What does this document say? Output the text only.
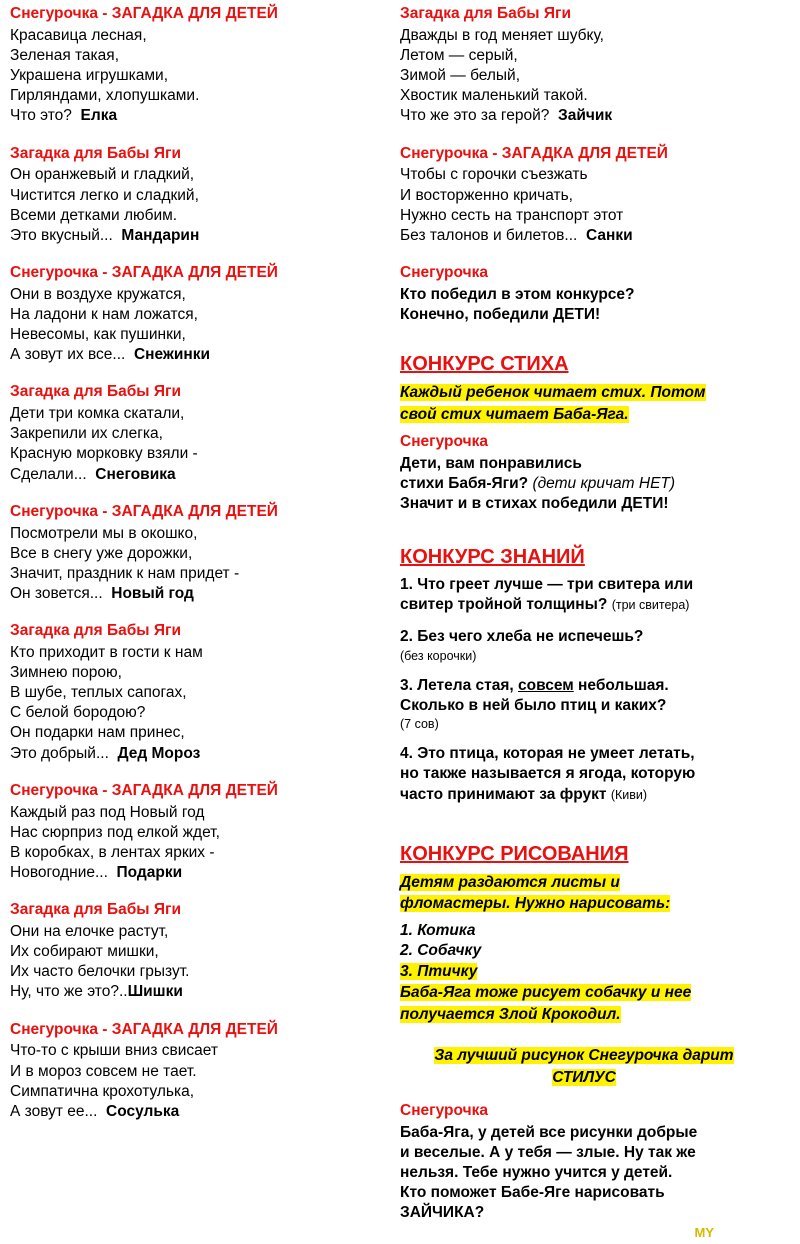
Снегурочка - ЗАГАДКА ДЛЯ ДЕТЕЙ
Красавица лесная,
Зеленая такая,
Украшена игрушками,
Гирляндами, хлопушками.
Что это? Елка
Загадка для Бабы Яги
Он оранжевый и гладкий,
Чистится легко и сладкий,
Всеми детками любим.
Это вкусный... Мандарин
Снегурочка - ЗАГАДКА ДЛЯ ДЕТЕЙ
Они в воздухе кружатся,
На ладони к нам ложатся,
Невесомы, как пушинки,
А зовут их все... Снежинки
Загадка для Бабы Яги
Дети три комка скатали,
Закрепили их слегка,
Красную морковку взяли -
Сделали... Снеговика
Снегурочка - ЗАГАДКА ДЛЯ ДЕТЕЙ
Посмотрели мы в окошко,
Все в снегу уже дорожки,
Значит, праздник к нам придет -
Он зовется... Новый год
Загадка для Бабы Яги
Кто приходит в гости к нам
Зимнею порою,
В шубе, теплых сапогах,
С белой бородою?
Он подарки нам принес,
Это добрый... Дед Мороз
Снегурочка - ЗАГАДКА ДЛЯ ДЕТЕЙ
Каждый раз под Новый год
Нас сюрприз под елкой ждет,
В коробках, в лентах ярких -
Новогодние... Подарки
Загадка для Бабы Яги
Они на елочке растут,
Их собирают мишки,
Их часто белочки грызут.
Ну, что же это?..Шишки
Снегурочка - ЗАГАДКА ДЛЯ ДЕТЕЙ
Что-то с крыши вниз свисает
И в мороз совсем не тает.
Симпатична крохотулька,
А зовут ее... Сосулька
Загадка для Бабы Яги
Дважды в год меняет шубку,
Летом — серый,
Зимой — белый,
Хвостик маленький такой.
Что же это за герой? Зайчик
Снегурочка - ЗАГАДКА ДЛЯ ДЕТЕЙ
Чтобы с горочки съезжать
И восторженно кричать,
Нужно сесть на транспорт этот
Без талонов и билетов... Санки
Снегурочка
Кто победил в этом конкурсе?
Конечно, победили ДЕТИ!
КОНКУРС СТИХА
Каждый ребенок читает стих. Потом
свой стих читает Баба-Яга.
Снегурочка
Дети, вам понравились
стихи Бабя-Яги? (дети кричат НЕТ)
Значит и в стихах победили ДЕТИ!
КОНКУРС ЗНАНИЙ
1. Что греет лучше — три свитера или
свитер тройной толщины? (три свитера)
2. Без чего хлеба не испечешь?
(без корочки)
3. Летела стая, совсем небольшая.
Сколько в ней было птиц и каких?
(7 сов)
4. Это птица, которая не умеет летать,
но также называется я ягода, которую
часто принимают за фрукт (Киви)
КОНКУРС РИСОВАНИЯ
Детям раздаются листы и
фломастеры. Нужно нарисовать:
1. Котика
2. Собачку
3. Птичку
Баба-Яга тоже рисует собачку и нее
получается Злой Крокодил.
За лучший рисунок Снегурочка дарит
СТИЛУС
Снегурочка
Баба-Яга, у детей все рисунки добрые
и веселые. А у тебя — злые. Ну так же
нельзя. Тебе нужно учится у детей.
Кто поможет Бабе-Яге нарисовать
ЗАЙЧИКА?
MY
